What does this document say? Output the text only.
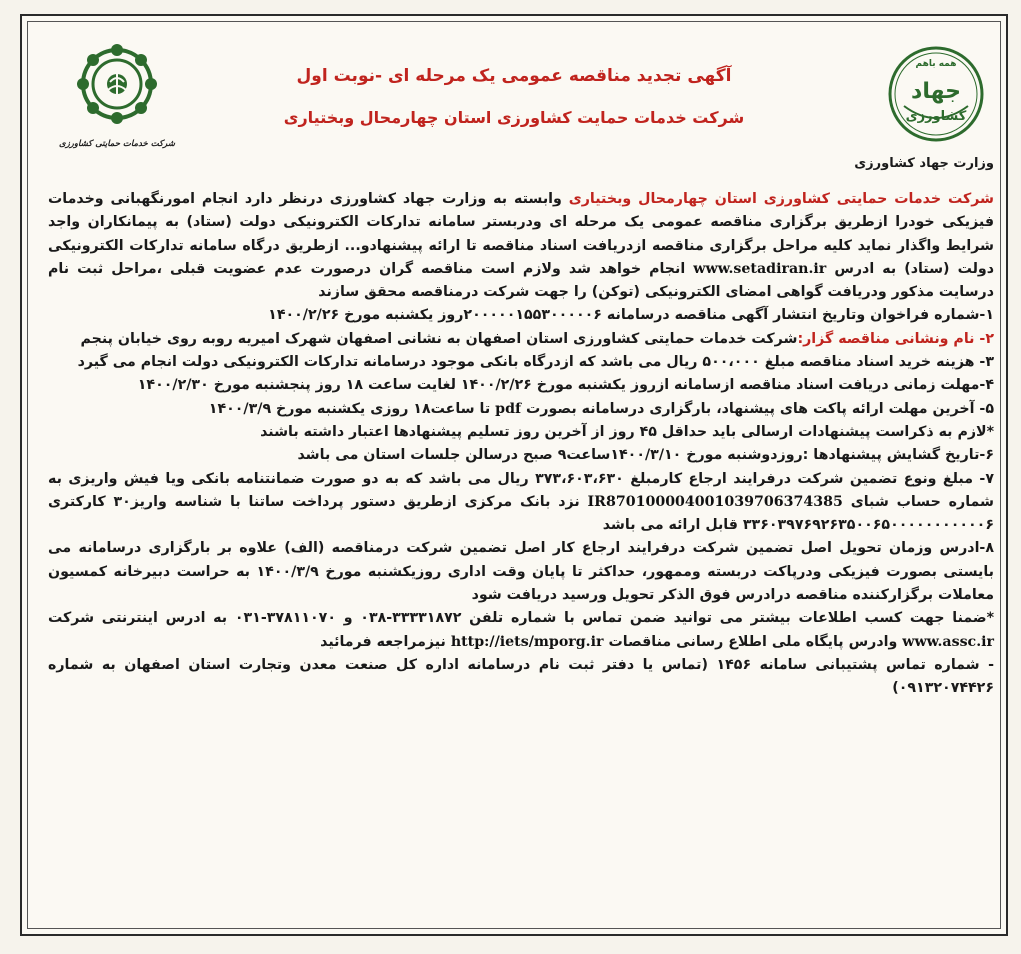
آگهی تجدید مناقصه عمومی یک مرحله ای -نوبت اول
شرکت خدمات حمایت کشاورزی استان چهارمحال وبختیاری
همه باهم
جهاد
کشاورزی
شرکت خدمات حمایتی کشاورزی
وزارت جهاد کشاورزی

شرکت خدمات حمایتی کشاورزی استان چهارمحال وبختیاری وابسته به وزارت جهاد کشاورزی درنظر دارد انجام امورنگهبانی وخدمات فیزیکی خودرا ازطریق برگزاری مناقصه عمومی یک مرحله ای ودربستر سامانه تدارکات الکترونیکی دولت (ستاد) به پیمانکاران واجد شرایط واگذار نماید کلیه مراحل برگزاری مناقصه ازدریافت اسناد مناقصه تا ارائه پیشنهادو... ازطریق درگاه سامانه تدارکات الکترونیکی دولت (ستاد) به ادرس www.setadiran.ir انجام خواهد شد ولازم است مناقصه گران درصورت عدم عضویت قبلی ،مراحل ثبت نام درسایت مذکور ودریافت گواهی امضای الکترونیکی (توکن) را جهت شرکت درمناقصه محقق سازند

۱-شماره فراخوان وتاریخ انتشار آگهی مناقصه درسامانه ۲۰۰۰۰۰۱۵۵۳۰۰۰۰۰۶روز یکشنبه مورخ ۱۴۰۰/۲/۲۶

۲- نام ونشانی مناقصه گزار:شرکت خدمات حمایتی کشاورزی استان اصفهان به نشانی اصفهان شهرک امیریه روبه روی خیابان پنجم

۳- هزینه خرید اسناد مناقصه مبلغ ۵۰۰،۰۰۰ ریال می باشد که ازدرگاه بانکی موجود درسامانه تدارکات الکترونیکی دولت انجام می گیرد

۴-مهلت زمانی دریافت اسناد مناقصه ازسامانه ازروز یکشنبه مورخ ۱۴۰۰/۲/۲۶ لغایت ساعت ۱۸ روز پنجشنبه مورخ ۱۴۰۰/۲/۳۰

۵- آخرین مهلت ارائه پاکت های پیشنهاد، بارگزاری درسامانه بصورت pdf تا ساعت۱۸ روزی یکشنبه مورخ ۱۴۰۰/۳/۹

*لازم به ذکراست پیشنهادات ارسالی باید حداقل ۴۵ روز از آخرین روز تسلیم پیشنهادها اعتبار داشته باشند

۶-تاریخ گشایش پیشنهادها :روزدوشنبه مورخ ۱۴۰۰/۳/۱۰ساعت۹ صبح درسالن جلسات استان می باشد

۷- مبلغ ونوع تضمین شرکت درفرایند ارجاع کارمبلغ ۳۷۳،۶۰۳،۶۳۰ ریال می باشد که به دو صورت ضمانتنامه بانکی ویا فیش واریزی به شماره حساب شبای IR870100004001039706374385 نزد بانک مرکزی ازطریق دستور پرداخت ساتنا با شناسه واریز۳۰ کارکتری ۳۳۶۰۳۹۷۶۹۲۶۳۵۰۰۶۵۰۰۰۰۰۰۰۰۰۰۰۶ قابل ارائه می باشد

۸-ادرس وزمان تحویل اصل تضمین شرکت درفرایند ارجاع کار اصل تضمین شرکت درمناقصه (الف) علاوه بر بارگزاری درسامانه می بایستی بصورت فیزیکی ودرپاکت دربسته وممهور، حداکثر تا پایان وقت اداری روزیکشنبه مورخ ۱۴۰۰/۳/۹ به حراست دبیرخانه کمسیون معاملات برگزارکننده مناقصه درادرس فوق الذکر تحویل ورسید دریافت شود

*ضمنا جهت کسب اطلاعات بیشتر می توانید ضمن تماس با شماره تلفن ۳۳۳۳۱۸۷۲-۰۳۸ و ۳۷۸۱۱۰۷۰-۰۳۱ به ادرس اینترنتی شرکت www.assc.ir وادرس پایگاه ملی اطلاع رسانی مناقصات http://iets/mporg.ir نیزمراجعه فرمائید

- شماره تماس پشتیبانی سامانه ۱۴۵۶ (تماس یا دفتر ثبت نام درسامانه اداره کل صنعت معدن وتجارت استان اصفهان به شماره ۰۹۱۳۲۰۷۴۴۲۶)
